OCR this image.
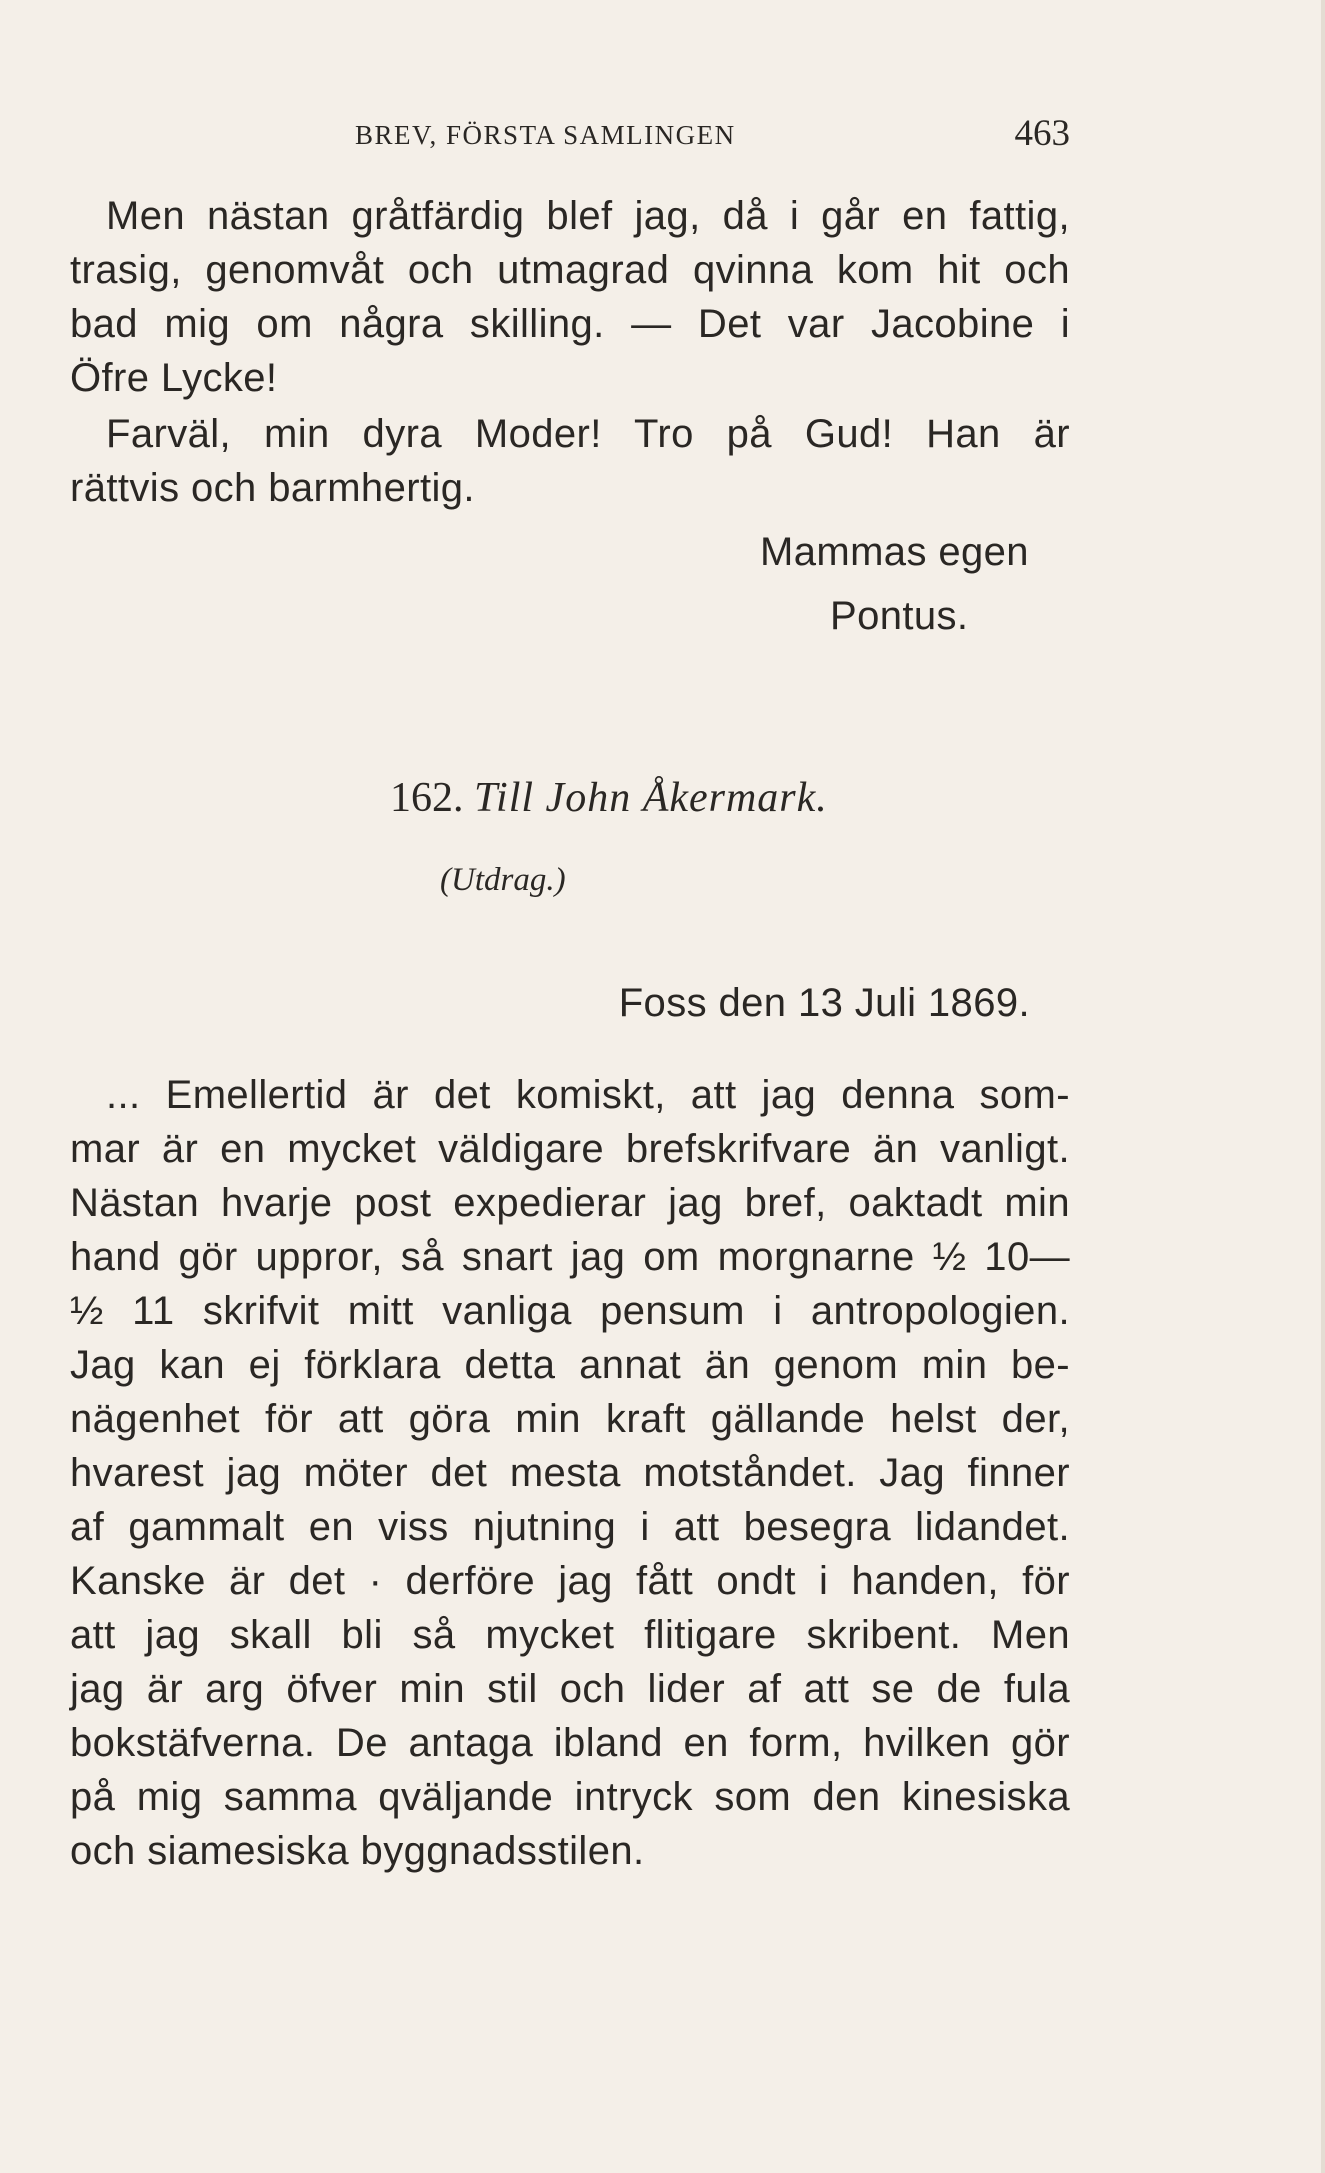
BREV, FÖRSTA SAMLINGEN	463
Men nästan gråtfärdig blef jag, då i går en fattig,
trasig, genomvåt och utmagrad qvinna kom hit och
bad mig om några skilling. — Det var Jacobine i
Öfre Lycke!
Farväl, min dyra Moder! Tro på Gud! Han är
rättvis och barmhertig.
Mammas egen
Pontus.
162. Till John Åkermark.
(Utdrag.)
Foss den 13 Juli 1869.
... Emellertid är det komiskt, att jag denna som-
mar är en mycket väldigare brefskrifvare än vanligt.
Nästan hvarje post expedierar jag bref, oaktadt min
hand gör uppror, så snart jag om morgnarne ½ 10—
½ 11 skrifvit mitt vanliga pensum i antropologien.
Jag kan ej förklara detta annat än genom min be-
nägenhet för att göra min kraft gällande helst der,
hvarest jag möter det mesta motståndet. Jag finner
af gammalt en viss njutning i att besegra lidandet.
Kanske är det · derföre jag fått ondt i handen, för
att jag skall bli så mycket flitigare skribent. Men
jag är arg öfver min stil och lider af att se de fula
bokstäfverna. De antaga ibland en form, hvilken gör
på mig samma qväljande intryck som den kinesiska
och siamesiska byggnadsstilen.
